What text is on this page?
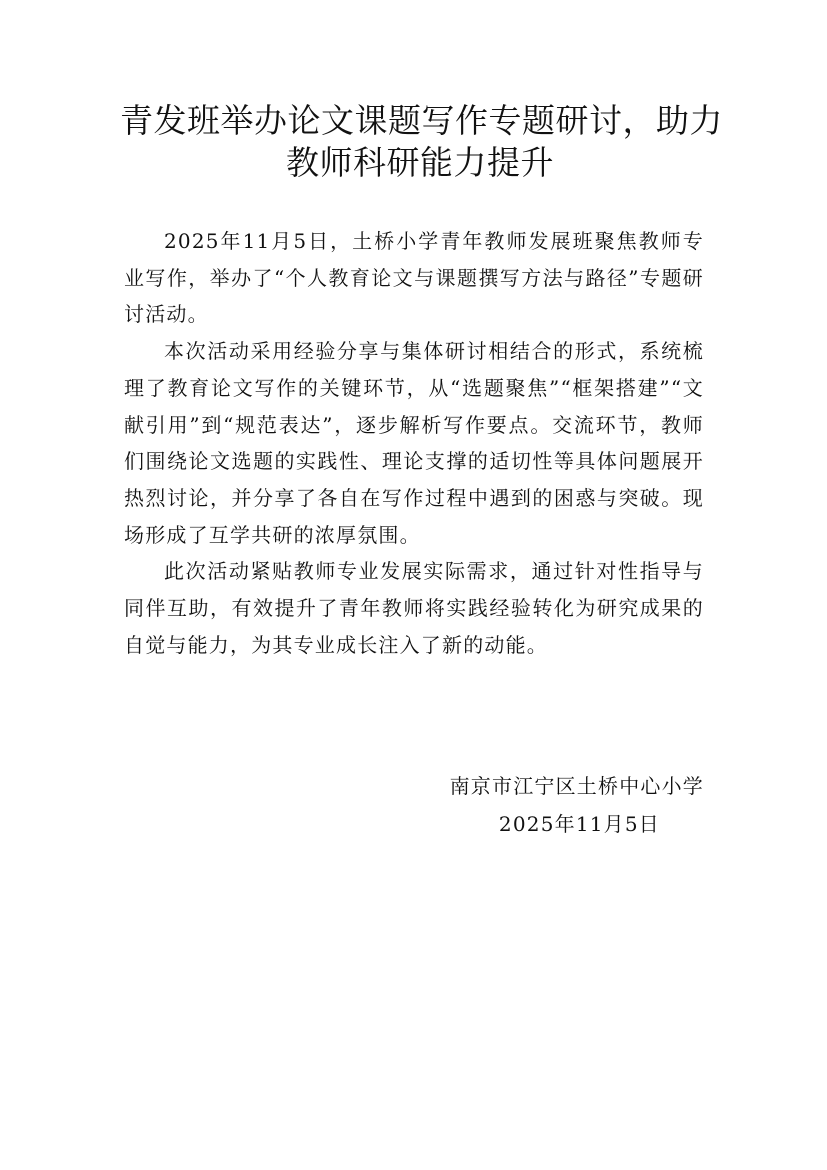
青发班举办论文课题写作专题研讨，助力
教师科研能力提升

2025年11月5日，土桥小学青年教师发展班聚焦教师专业写作，举办了“个人教育论文与课题撰写方法与路径”专题研讨活动。

本次活动采用经验分享与集体研讨相结合的形式，系统梳理了教育论文写作的关键环节，从“选题聚焦”“框架搭建”“文献引用”到“规范表达”，逐步解析写作要点。交流环节，教师们围绕论文选题的实践性、理论支撑的适切性等具体问题展开热烈讨论，并分享了各自在写作过程中遇到的困惑与突破。现场形成了互学共研的浓厚氛围。

此次活动紧贴教师专业发展实际需求，通过针对性指导与同伴互助，有效提升了青年教师将实践经验转化为研究成果的自觉与能力，为其专业成长注入了新的动能。

南京市江宁区土桥中心小学
2025年11月5日
